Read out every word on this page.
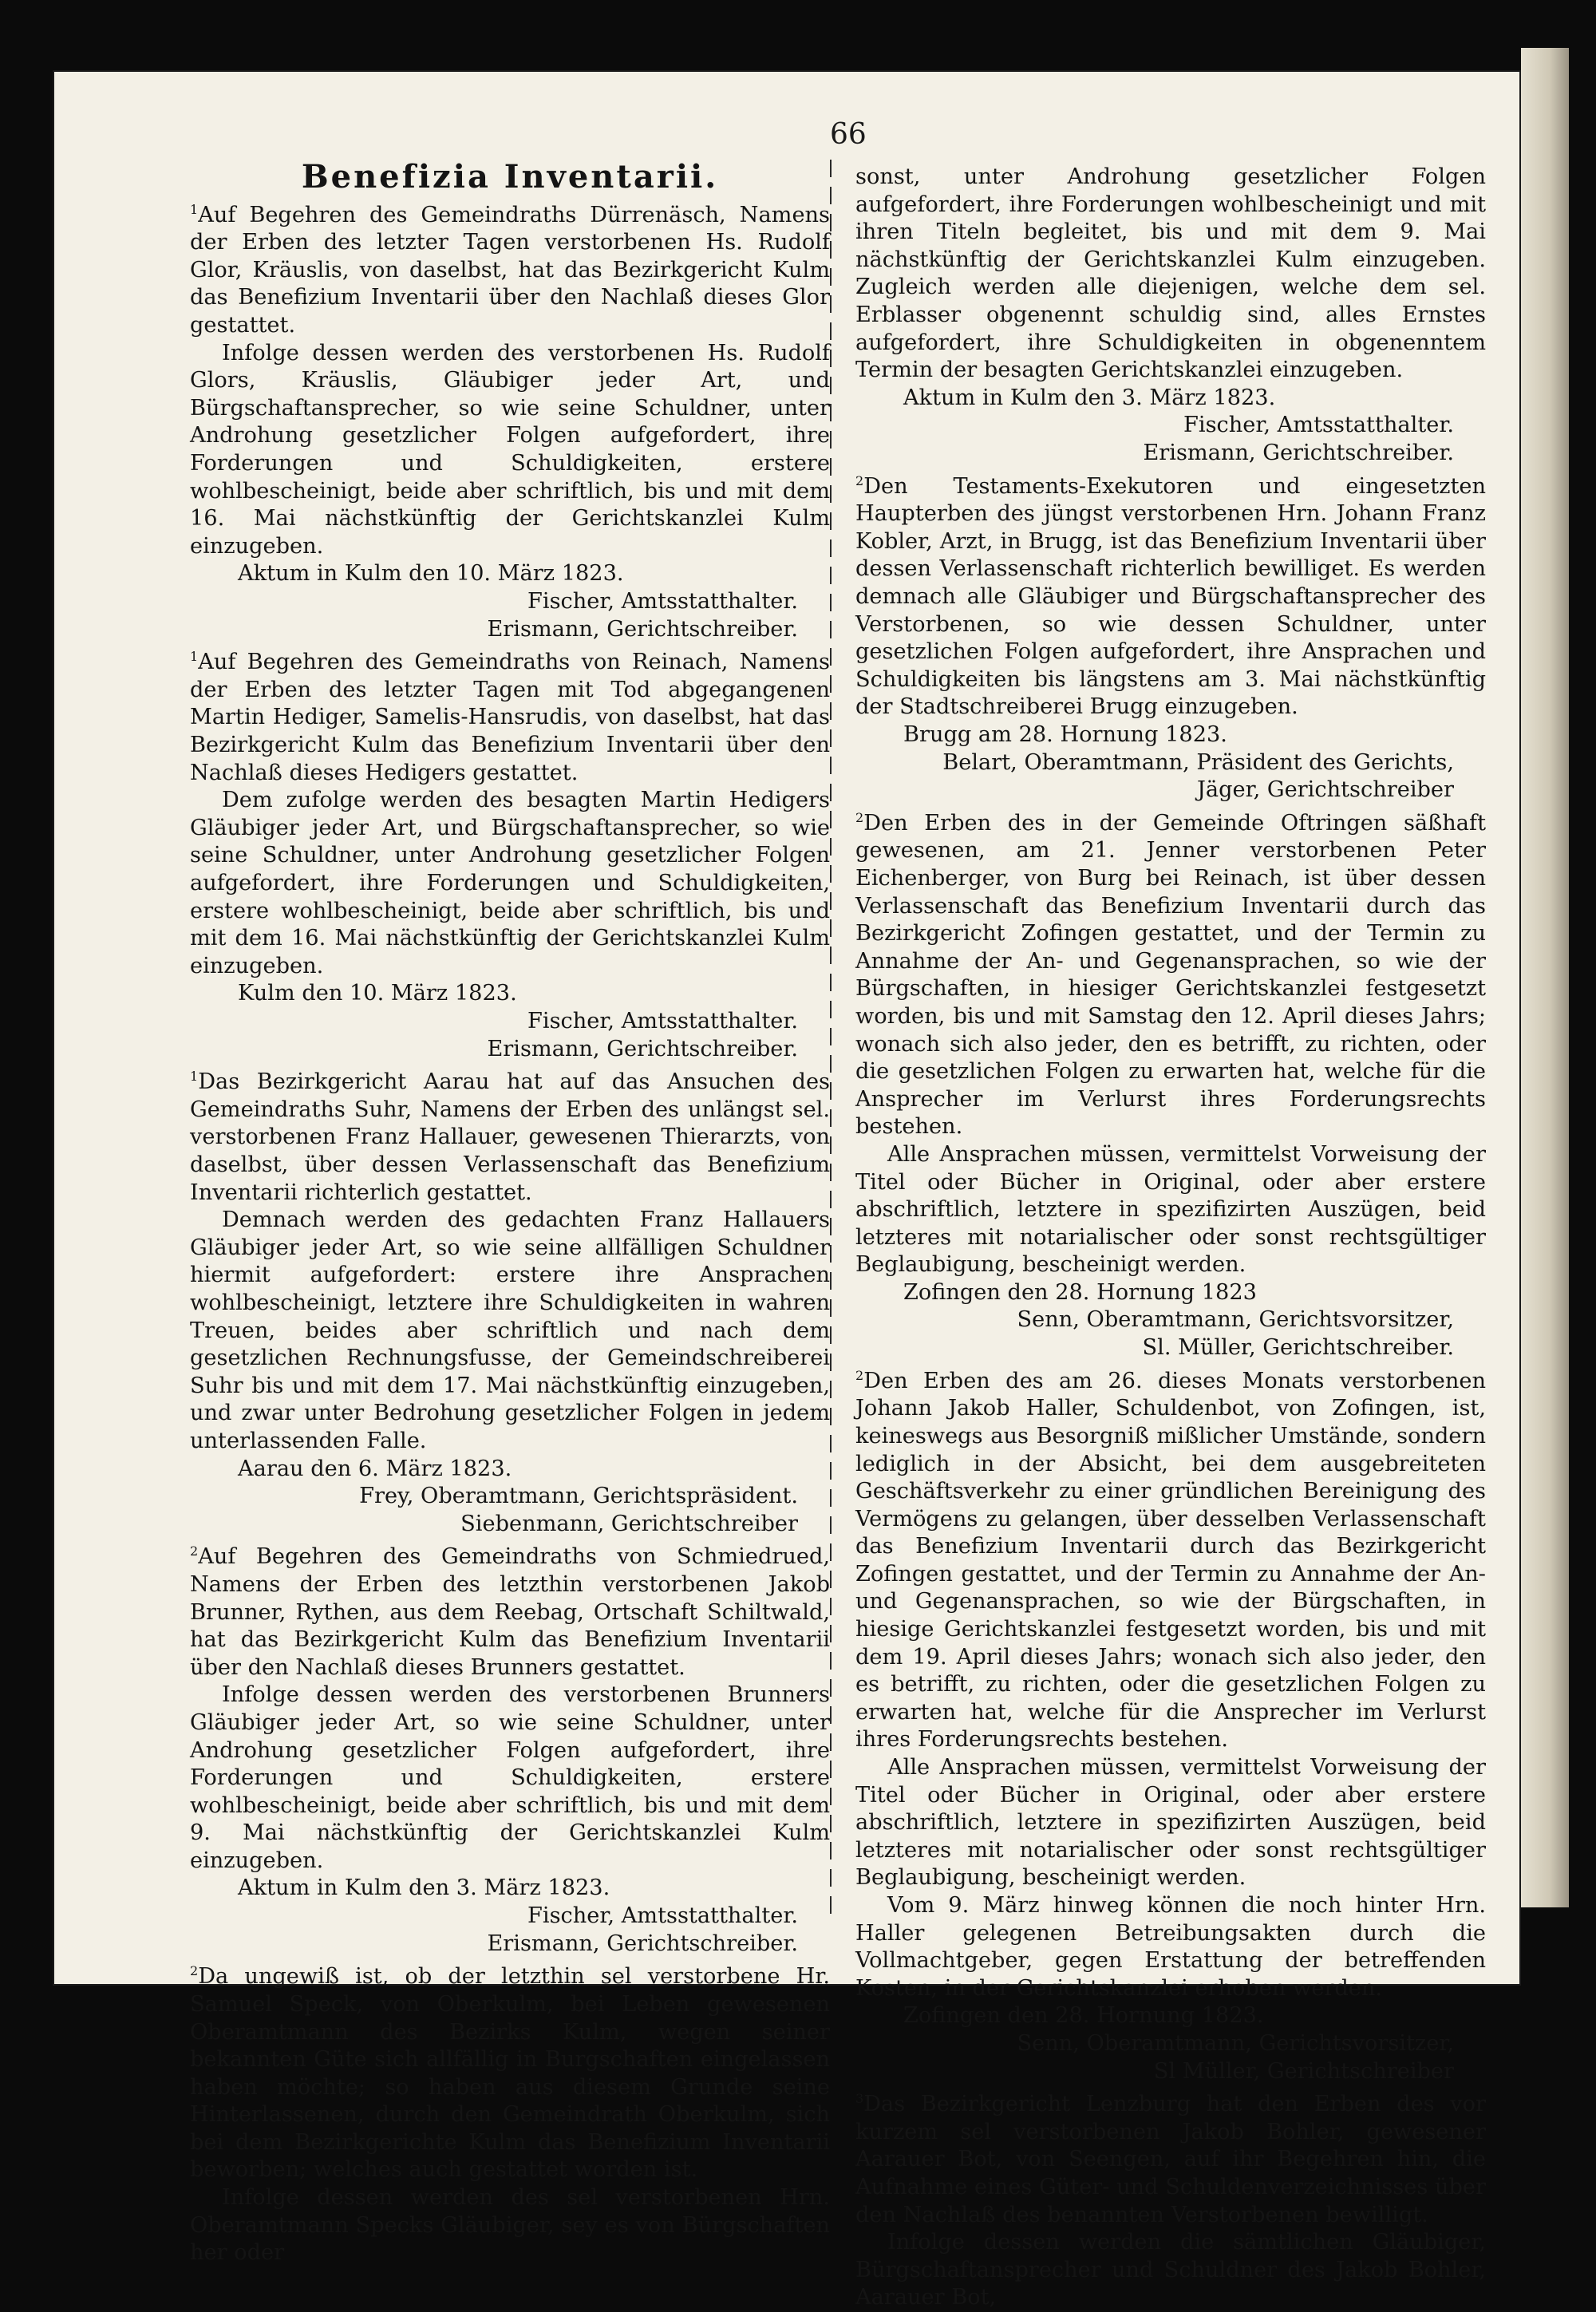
66
Benefizia Inventarii.

$^1$Auf Begehren des Gemeindraths Dürrenäsch, Namens der Erben des letzter Tagen verstorbenen Hs. Rudolf Glor, Kräuslis, von daselbst, hat das Bezirkgericht Kulm das Benefizium Inventarii über den Nachlaß dieses Glor gestattet.

Infolge dessen werden des verstorbenen Hs. Rudolf Glors, Kräuslis, Gläubiger jeder Art, und Bürgschaftansprecher, so wie seine Schuldner, unter Androhung gesetzlicher Folgen aufgefordert, ihre Forderungen und Schuldigkeiten, erstere wohlbescheinigt, beide aber schriftlich, bis und mit dem 16. Mai nächstkünftig der Gerichtskanzlei Kulm einzugeben.

Aktum in Kulm den 10. März 1823.

Fischer, Amtsstatthalter.

Erismann, Gerichtschreiber.

$^1$Auf Begehren des Gemeindraths von Reinach, Namens der Erben des letzter Tagen mit Tod abgegangenen Martin Hediger, Samelis-Hansrudis, von daselbst, hat das Bezirkgericht Kulm das Benefizium Inventarii über den Nachlaß dieses Hedigers gestattet.

Dem zufolge werden des besagten Martin Hedigers Gläubiger jeder Art, und Bürgschaftansprecher, so wie seine Schuldner, unter Androhung gesetzlicher Folgen aufgefordert, ihre Forderungen und Schuldigkeiten, erstere wohlbescheinigt, beide aber schriftlich, bis und mit dem 16. Mai nächstkünftig der Gerichtskanzlei Kulm einzugeben.

Kulm den 10. März 1823.

Fischer, Amtsstatthalter.

Erismann, Gerichtschreiber.

$^1$Das Bezirkgericht Aarau hat auf das Ansuchen des Gemeindraths Suhr, Namens der Erben des unlängst sel. verstorbenen Franz Hallauer, gewesenen Thierarzts, von daselbst, über dessen Verlassenschaft das Benefizium Inventarii richterlich gestattet.

Demnach werden des gedachten Franz Hallauers Gläubiger jeder Art, so wie seine allfälligen Schuldner hiermit aufgefordert: erstere ihre Ansprachen wohlbescheinigt, letztere ihre Schuldigkeiten in wahren Treuen, beides aber schriftlich und nach dem gesetzlichen Rechnungsfusse, der Gemeindschreiberei Suhr bis und mit dem 17. Mai nächstkünftig einzugeben, und zwar unter Bedrohung gesetzlicher Folgen in jedem unterlassenden Falle.

Aarau den 6. März 1823.

Frey, Oberamtmann, Gerichtspräsident.

Siebenmann, Gerichtschreiber

$^2$Auf Begehren des Gemeindraths von Schmiedrued, Namens der Erben des letzthin verstorbenen Jakob Brunner, Rythen, aus dem Reebag, Ortschaft Schiltwald, hat das Bezirkgericht Kulm das Benefizium Inventarii über den Nachlaß dieses Brunners gestattet.

Infolge dessen werden des verstorbenen Brunners Gläubiger jeder Art, so wie seine Schuldner, unter Androhung gesetzlicher Folgen aufgefordert, ihre Forderungen und Schuldigkeiten, erstere wohlbescheinigt, beide aber schriftlich, bis und mit dem 9. Mai nächstkünftig der Gerichtskanzlei Kulm einzugeben.

Aktum in Kulm den 3. März 1823.

Fischer, Amtsstatthalter.

Erismann, Gerichtschreiber.

$^2$Da ungewiß ist, ob der letzthin sel verstorbene Hr. Samuel Speck, von Oberkulm, bei Leben gewesenen Oberamtmann des Bezirks Kulm, wegen seiner bekannten Güte sich allfällig in Burgschaften eingelassen haben möchte; so haben aus diesem Grunde seine Hinterlassenen, durch den Gemeindrath Oberkulm, sich bei dem Bezirkgerichte Kulm das Benefizium Inventarii beworben; welches auch gestattet worden ist.

Infolge dessen werden des sel verstorbenen Hrn. Oberamtmann Specks Gläubiger, sey es von Bürgschaften her oder

sonst, unter Androhung gesetzlicher Folgen aufgefordert, ihre Forderungen wohlbescheinigt und mit ihren Titeln begleitet, bis und mit dem 9. Mai nächstkünftig der Gerichtskanzlei Kulm einzugeben. Zugleich werden alle diejenigen, welche dem sel. Erblasser obgenennt schuldig sind, alles Ernstes aufgefordert, ihre Schuldigkeiten in obgenenntem Termin der besagten Gerichtskanzlei einzugeben.

Aktum in Kulm den 3. März 1823.

Fischer, Amtsstatthalter.

Erismann, Gerichtschreiber.

$^2$Den Testaments-Exekutoren und eingesetzten Haupterben des jüngst verstorbenen Hrn. Johann Franz Kobler, Arzt, in Brugg, ist das Benefizium Inventarii über dessen Verlassenschaft richterlich bewilliget. Es werden demnach alle Gläubiger und Bürgschaftansprecher des Verstorbenen, so wie dessen Schuldner, unter gesetzlichen Folgen aufgefordert, ihre Ansprachen und Schuldigkeiten bis längstens am 3. Mai nächstkünftig der Stadtschreiberei Brugg einzugeben.

Brugg am 28. Hornung 1823.

Belart, Oberamtmann, Präsident des Gerichts,

Jäger, Gerichtschreiber

$^2$Den Erben des in der Gemeinde Oftringen säßhaft gewesenen, am 21. Jenner verstorbenen Peter Eichenberger, von Burg bei Reinach, ist über dessen Verlassenschaft das Benefizium Inventarii durch das Bezirkgericht Zofingen gestattet, und der Termin zu Annahme der An- und Gegenansprachen, so wie der Bürgschaften, in hiesiger Gerichtskanzlei festgesetzt worden, bis und mit Samstag den 12. April dieses Jahrs; wonach sich also jeder, den es betrifft, zu richten, oder die gesetzlichen Folgen zu erwarten hat, welche für die Ansprecher im Verlurst ihres Forderungsrechts bestehen.

Alle Ansprachen müssen, vermittelst Vorweisung der Titel oder Bücher in Original, oder aber erstere abschriftlich, letztere in spezifizirten Auszügen, beid letzteres mit notarialischer oder sonst rechtsgültiger Beglaubigung, bescheinigt werden.

Zofingen den 28. Hornung 1823

Senn, Oberamtmann, Gerichtsvorsitzer,

Sl. Müller, Gerichtschreiber.

$^2$Den Erben des am 26. dieses Monats verstorbenen Johann Jakob Haller, Schuldenbot, von Zofingen, ist, keineswegs aus Besorgniß mißlicher Umstände, sondern lediglich in der Absicht, bei dem ausgebreiteten Geschäftsverkehr zu einer gründlichen Bereinigung des Vermögens zu gelangen, über desselben Verlassenschaft das Benefizium Inventarii durch das Bezirkgericht Zofingen gestattet, und der Termin zu Annahme der An- und Gegenansprachen, so wie der Bürgschaften, in hiesige Gerichtskanzlei festgesetzt worden, bis und mit dem 19. April dieses Jahrs; wonach sich also jeder, den es betrifft, zu richten, oder die gesetzlichen Folgen zu erwarten hat, welche für die Ansprecher im Verlurst ihres Forderungsrechts bestehen.

Alle Ansprachen müssen, vermittelst Vorweisung der Titel oder Bücher in Original, oder aber erstere abschriftlich, letztere in spezifizirten Auszügen, beid letzteres mit notarialischer oder sonst rechtsgültiger Beglaubigung, bescheinigt werden.

Vom 9. März hinweg können die noch hinter Hrn. Haller gelegenen Betreibungsakten durch die Vollmachtgeber, gegen Erstattung der betreffenden Kosten, in der Gerichtskanzlei erhoben werden.

Zofingen den 28. Hornung 1823.

Senn, Oberamtmann, Gerichtsvorsitzer,

Sl Müller, Gerichtschreiber

$^3$Das Bezirkgericht Lenzburg hat den Erben des vor kurzem sel verstorbenen Jakob Bohler, gewesener Aarauer Bot, von Seengen, auf ihr Begehren hin, die Aufnahme eines Güter- und Schuldenverzeichnisses über den Nachlaß des benannten Verstorbenen bewilligt.

Infolge dessen werden die sämtlichen Gläubiger, Bürgschaftansprecher und Schuldner des Jakob Bohler, Aarauer Bot,
